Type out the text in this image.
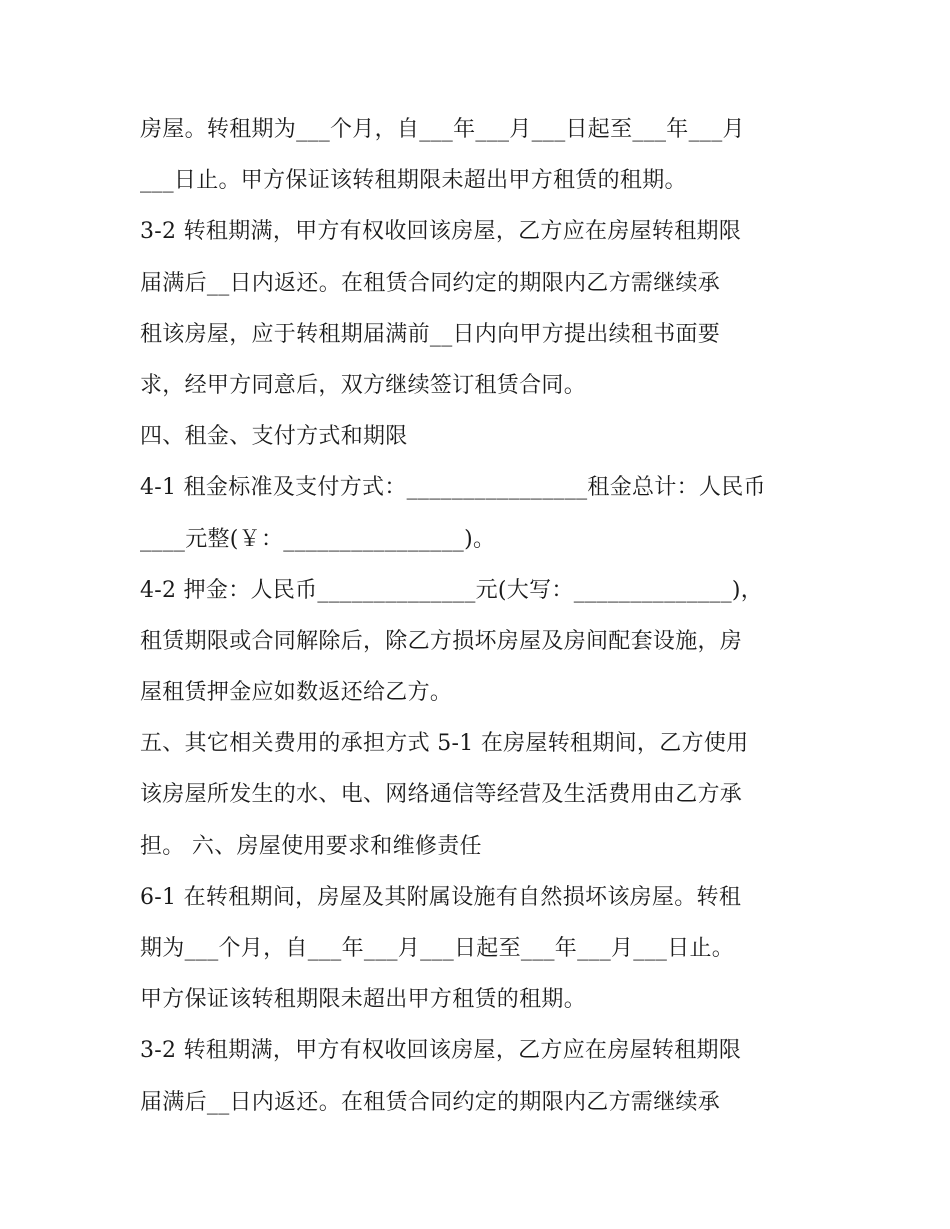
房屋。转租期为___个月，自___年___月___日起至___年___月
___日止。甲方保证该转租期限未超出甲方租赁的租期。
3-2 转租期满，甲方有权收回该房屋，乙方应在房屋转租期限
届满后__日内返还。在租赁合同约定的期限内乙方需继续承
租该房屋，应于转租期届满前__日内向甲方提出续租书面要
求，经甲方同意后，双方继续签订租赁合同。
四、租金、支付方式和期限
4-1 租金标准及支付方式：________________租金总计：人民币
____元整(￥：________________)。
4-2 押金：人民币______________元(大写：______________)，
租赁期限或合同解除后，除乙方损坏房屋及房间配套设施，房
屋租赁押金应如数返还给乙方。
五、其它相关费用的承担方式 5-1 在房屋转租期间，乙方使用
该房屋所发生的水、电、网络通信等经营及生活费用由乙方承
担。 六、房屋使用要求和维修责任
6-1 在转租期间，房屋及其附属设施有自然损坏该房屋。转租
期为___个月，自___年___月___日起至___年___月___日止。
甲方保证该转租期限未超出甲方租赁的租期。
3-2 转租期满，甲方有权收回该房屋，乙方应在房屋转租期限
届满后__日内返还。在租赁合同约定的期限内乙方需继续承
